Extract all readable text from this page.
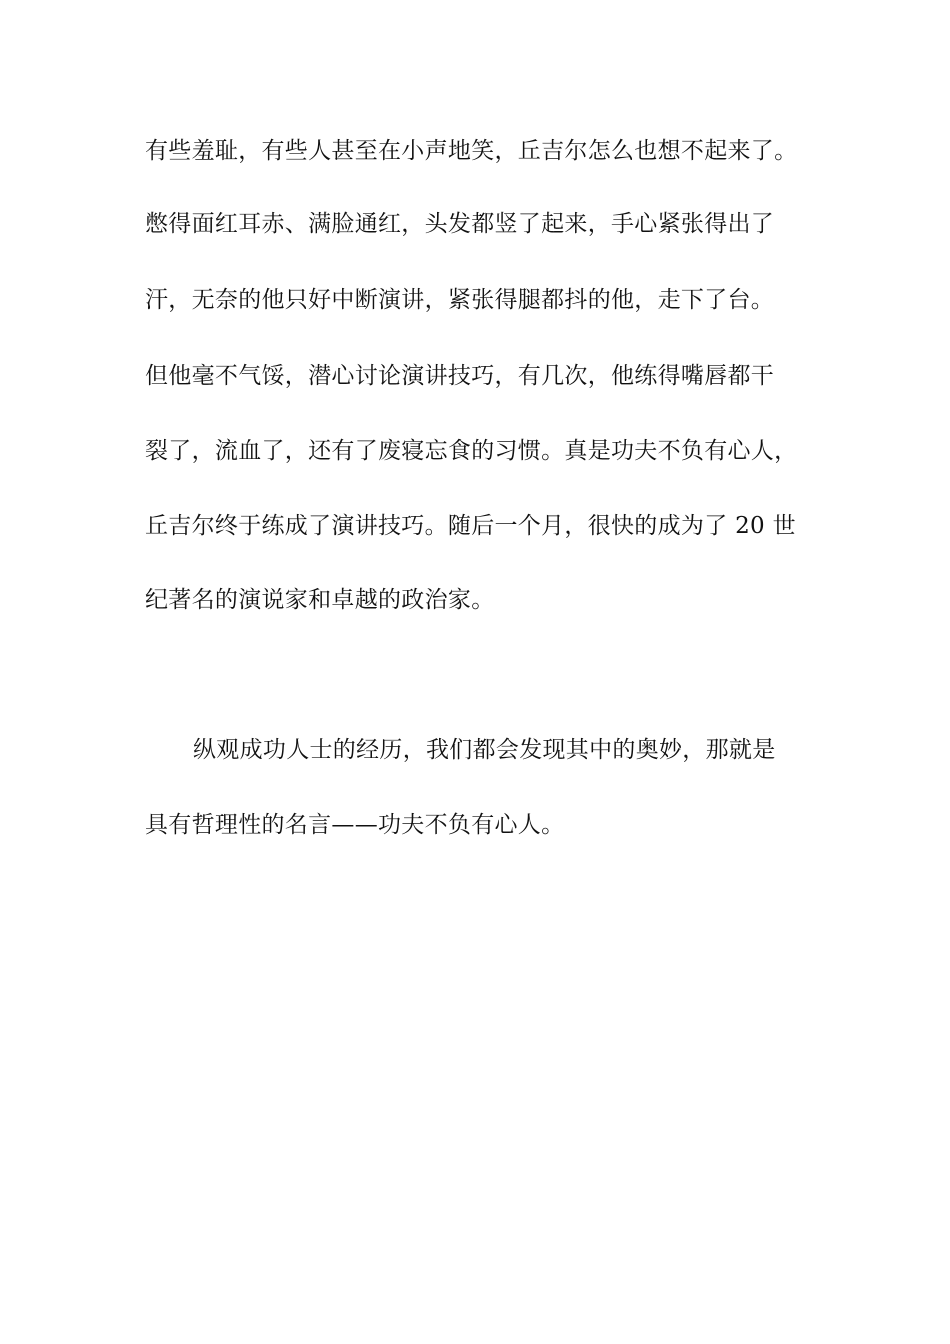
有些羞耻，有些人甚至在小声地笑，丘吉尔怎么也想不起来了。
憋得面红耳赤、满脸通红，头发都竖了起来，手心紧张得出了
汗，无奈的他只好中断演讲，紧张得腿都抖的他，走下了台。
但他毫不气馁，潜心讨论演讲技巧，有几次，他练得嘴唇都干
裂了，流血了，还有了废寝忘食的习惯。真是功夫不负有心人，
丘吉尔终于练成了演讲技巧。随后一个月，很快的成为了 20 世
纪著名的演说家和卓越的政治家。
纵观成功人士的经历，我们都会发现其中的奥妙，那就是
具有哲理性的名言——功夫不负有心人。
